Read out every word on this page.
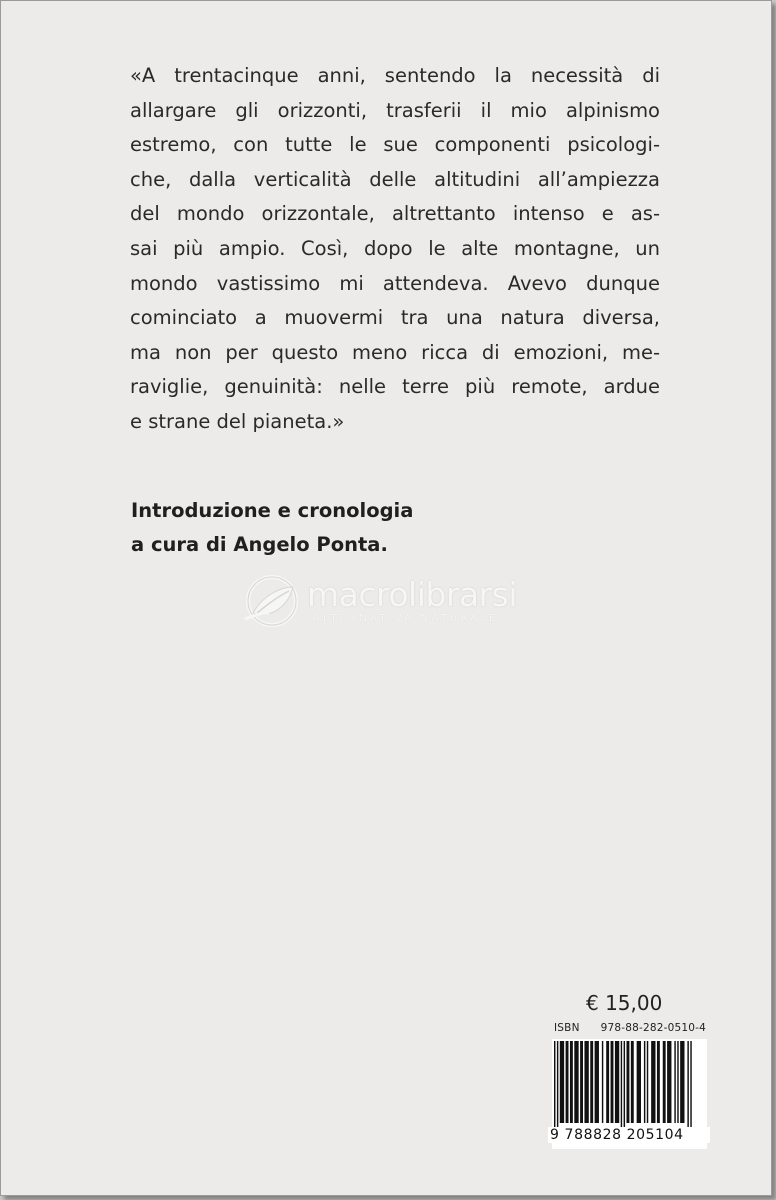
«A trentacinque anni, sentendo la necessità di
allargare gli orizzonti, trasferii il mio alpinismo
estremo, con tutte le sue componenti psicologi-
che, dalla verticalità delle altitudini all’ampiezza
del mondo orizzontale, altrettanto intenso e as-
sai più ampio. Così, dopo le alte montagne, un
mondo vastissimo mi attendeva. Avevo dunque
cominciato a muovermi tra una natura diversa,
ma non per questo meno ricca di emozioni, me-
raviglie, genuinità: nelle terre più remote, ardue
e strane del pianeta.»
Introduzione e cronologia
a cura di Angelo Ponta.
macrolibrarsi
ALTERNATIVA NATURALE
€ 15,00
ISBN 978-88-282-0510-4
9 788828 205104
